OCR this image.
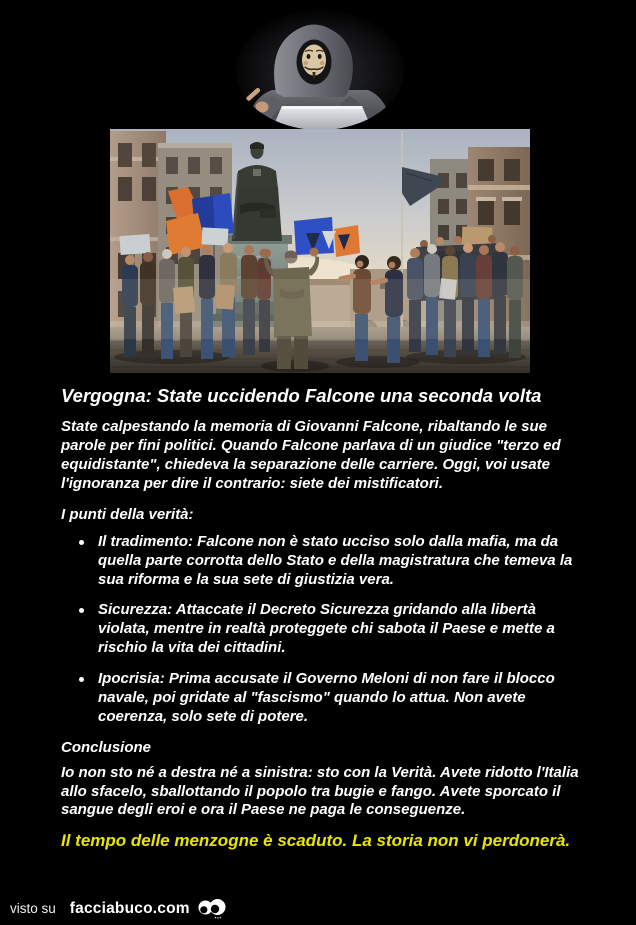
Vergogna: State uccidendo Falcone una seconda volta

State calpestando la memoria di Giovanni Falcone, ribaltando le sue parole per fini politici. Quando Falcone parlava di un giudice "terzo ed equidistante", chiedeva la separazione delle carriere. Oggi, voi usate l'ignoranza per dire il contrario: siete dei mistificatori.

I punti della verità:

Il tradimento: Falcone non è stato ucciso solo dalla mafia, ma da quella parte corrotta dello Stato e della magistratura che temeva la sua riforma e la sua sete di giustizia vera.
Sicurezza: Attaccate il Decreto Sicurezza gridando alla libertà violata, mentre in realtà proteggete chi sabota il Paese e mette a rischio la vita dei cittadini.
Ipocrisia: Prima accusate il Governo Meloni di non fare il blocco navale, poi gridate al "fascismo" quando lo attua. Non avete coerenza, solo sete di potere.

Conclusione

Io non sto né a destra né a sinistra: sto con la Verità. Avete ridotto l'Italia allo sfacelo, sballottando il popolo tra bugie e fango. Avete sporcato il sangue degli eroi e ora il Paese ne paga le conseguenze.

Il tempo delle menzogne è scaduto. La storia non vi perdonerà.

visto su facciabuco.com
